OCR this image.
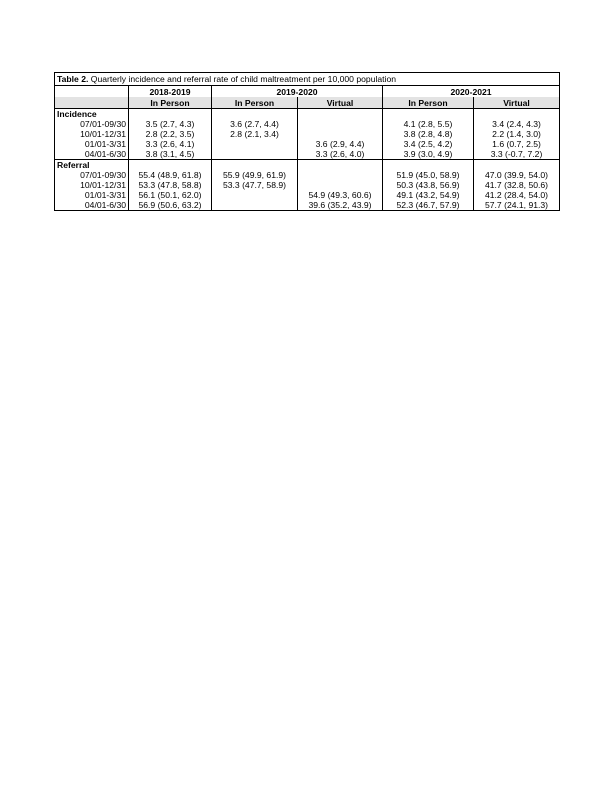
Table 2. Quarterly incidence and referral rate of child maltreatment per 10,000 population					
	2018-2019	2019-2020		2020-2021	
	In Person	In Person	Virtual	In Person	Virtual
Incidence					
07/01-09/30	3.5 (2.7, 4.3)	3.6 (2.7, 4.4)		4.1 (2.8, 5.5)	3.4 (2.4, 4.3)
10/01-12/31	2.8 (2.2, 3.5)	2.8 (2.1, 3.4)		3.8 (2.8, 4.8)	2.2 (1.4, 3.0)
01/01-3/31	3.3 (2.6, 4.1)		3.6 (2.9, 4.4)	3.4 (2.5, 4.2)	1.6 (0.7, 2.5)
04/01-6/30	3.8 (3.1, 4.5)		3.3 (2.6, 4.0)	3.9 (3.0, 4.9)	3.3 (-0.7, 7.2)
Referral					
07/01-09/30	55.4 (48.9, 61.8)	55.9 (49.9, 61.9)		51.9 (45.0, 58.9)	47.0 (39.9, 54.0)
10/01-12/31	53.3 (47.8, 58.8)	53.3 (47.7, 58.9)		50.3 (43.8, 56.9)	41.7 (32.8, 50.6)
01/01-3/31	56.1 (50.1, 62.0)		54.9 (49.3, 60.6)	49.1 (43.2, 54.9)	41.2 (28.4, 54.0)
04/01-6/30	56.9 (50.6, 63.2)		39.6 (35.2, 43.9)	52.3 (46.7, 57.9)	57.7 (24.1, 91.3)
